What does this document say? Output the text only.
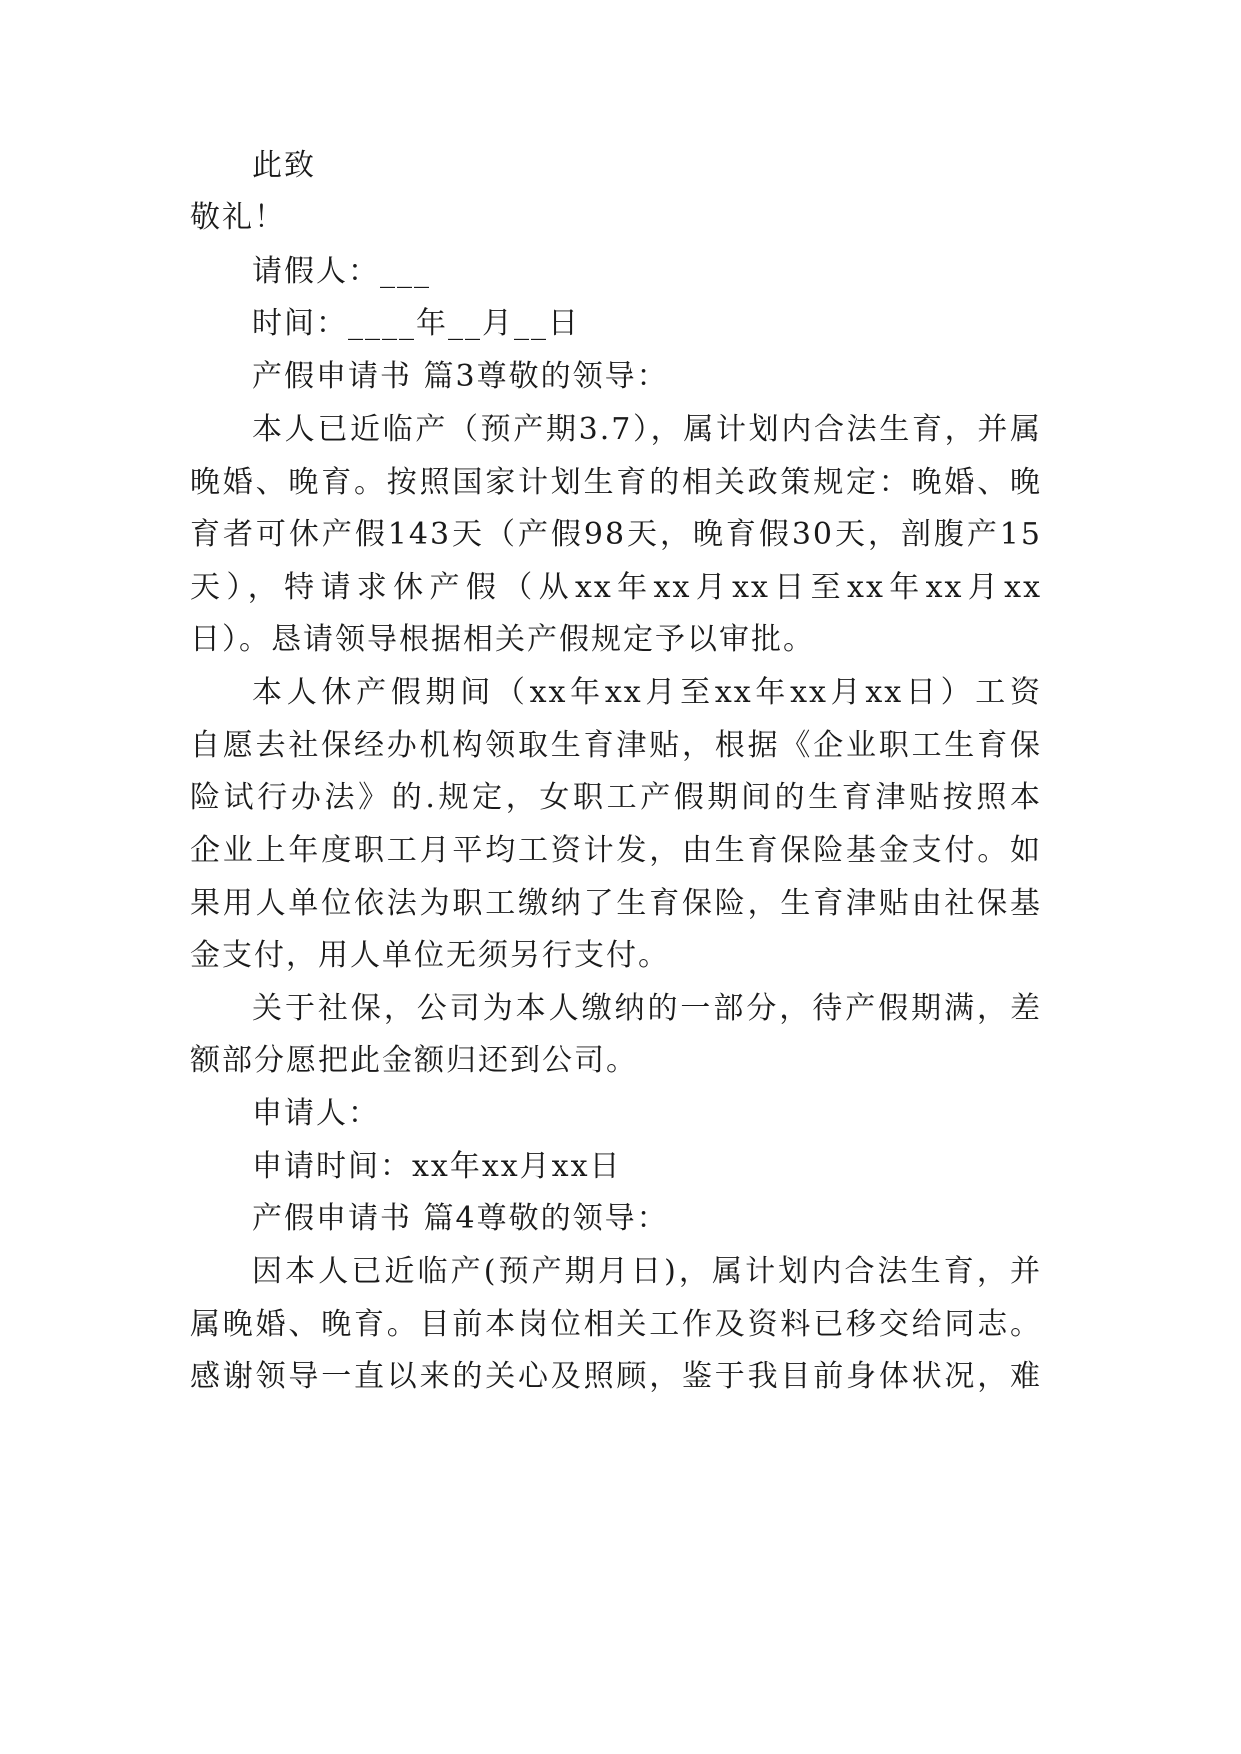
此致
敬礼！
请假人：___
时间：____年__月__日
产假申请书 篇3尊敬的领导：
本人已近临产（预产期3.7），属计划内合法生育，并属
晚婚、晚育。按照国家计划生育的相关政策规定：晚婚、晚
育者可休产假143天（产假98天，晚育假30天，剖腹产15
天），特请求休产假（从xx年xx月xx日至xx年xx月xx
日）。恳请领导根据相关产假规定予以审批。
本人休产假期间（xx年xx月至xx年xx月xx日）工资
自愿去社保经办机构领取生育津贴，根据《企业职工生育保
险试行办法》的.规定，女职工产假期间的生育津贴按照本
企业上年度职工月平均工资计发，由生育保险基金支付。如
果用人单位依法为职工缴纳了生育保险，生育津贴由社保基
金支付，用人单位无须另行支付。
关于社保，公司为本人缴纳的一部分，待产假期满，差
额部分愿把此金额归还到公司。
申请人：
申请时间：xx年xx月xx日
产假申请书 篇4尊敬的领导：
因本人已近临产(预产期月日)，属计划内合法生育，并
属晚婚、晚育。目前本岗位相关工作及资料已移交给同志。
感谢领导一直以来的关心及照顾，鉴于我目前身体状况，难
